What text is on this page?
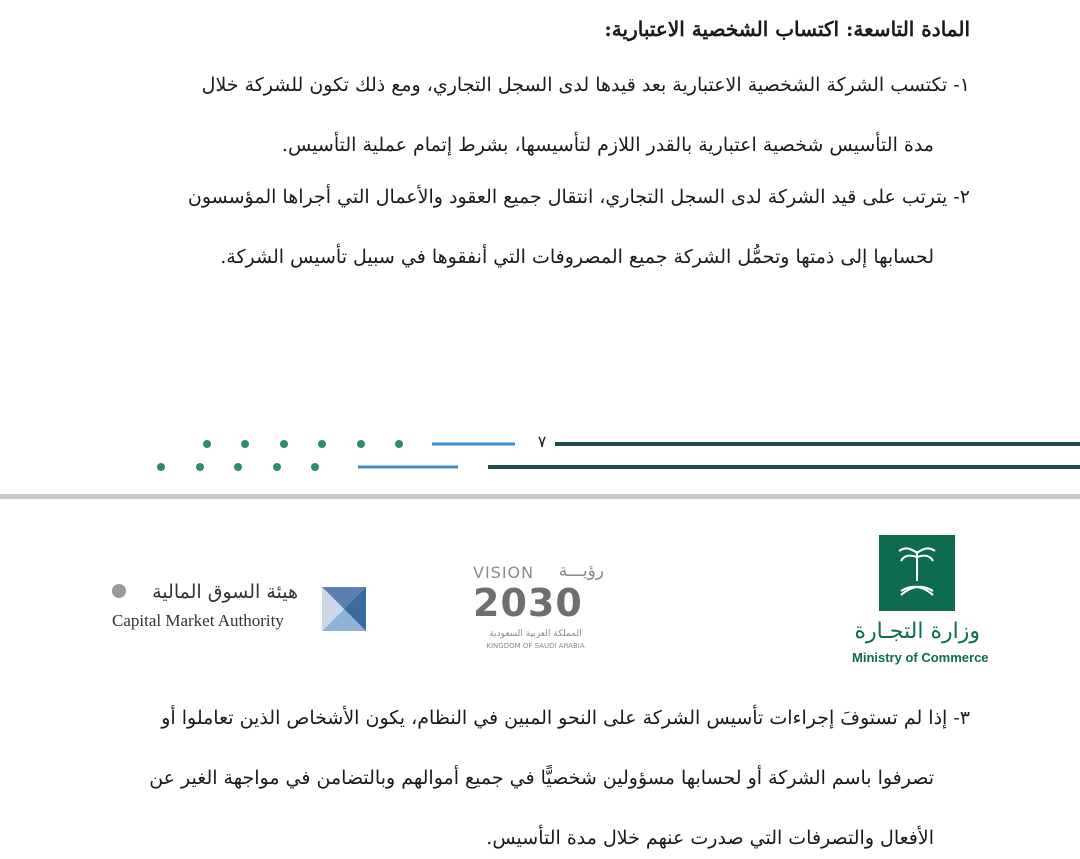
المادة التاسعة: اكتساب الشخصية الاعتبارية:
١- تكتسب الشركة الشخصية الاعتبارية بعد قيدها لدى السجل التجاري، ومع ذلك تكون للشركة خلال
مدة التأسيس شخصية اعتبارية بالقدر اللازم لتأسيسها، بشرط إتمام عملية التأسيس.
٢- يترتب على قيد الشركة لدى السجل التجاري، انتقال جميع العقود والأعمال التي أجراها المؤسسون
لحسابها إلى ذمتها وتحمُّل الشركة جميع المصروفات التي أنفقوها في سبيل تأسيس الشركة.
٧
هيئة السوق المالية
Capital Market Authority
VISION رؤيـــة
2030
المملكة العربية السعودية
KINGDOM OF SAUDI ARABIA
وزارة التجـارة
Ministry of Commerce
٣- إذا لم تستوفَ إجراءات تأسيس الشركة على النحو المبين في النظام، يكون الأشخاص الذين تعاملوا أو
تصرفوا باسم الشركة أو لحسابها مسؤولين شخصيًّا في جميع أموالهم وبالتضامن في مواجهة الغير عن
الأفعال والتصرفات التي صدرت عنهم خلال مدة التأسيس.
